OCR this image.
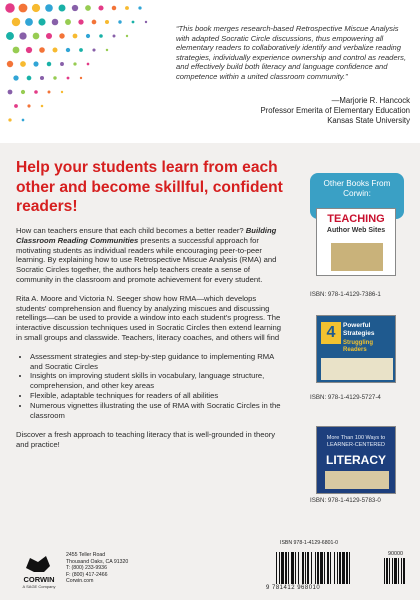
“This book merges research-based Retrospective Miscue Analysis with adapted Socratic Circle discussions, thus empowering all elementary readers to collaboratively identify and verbalize reading strategies, individually experience ownership and control as readers, and effectively build both literacy and language confidence and competence within a united classroom community.”
—Marjorie R. Hancock
Professor Emerita of Elementary Education
Kansas State University
Help your students learn from each other and become skillful, confident readers!

How can teachers ensure that each child becomes a better reader? Building Classroom Reading Communities presents a successful approach for motivating students as individual readers while encouraging peer-to-peer learning. By explaining how to use Retrospective Miscue Analysis (RMA) and Socratic Circles together, the authors help teachers create a sense of community in the classroom and promote achievement for every student.

Rita A. Moore and Victoria N. Seeger show how RMA—which develops students' comprehension and fluency by analyzing miscues and discussing retellings—can be used to provide a window into each student's progress. The interactive discussion techniques used in Socratic Circles then extend learning in small groups and classwide. Teachers, literacy coaches, and others will find

• Assessment strategies and step-by-step guidance to implementing RMA and Socratic Circles
• Insights on improving student skills in vocabulary, language structure, comprehension, and other key areas
• Flexible, adaptable techniques for readers of all abilities
• Numerous vignettes illustrating the use of RMA with Socratic Circles in the classroom

Discover a fresh approach to teaching literacy that is well-grounded in theory and practice!

Other Books From Corwin:
TEACHING
Author Web Sites
ISBN: 978-1-4129-7386-1
4	Powerful Strategies
Struggling Readers
ISBN: 978-1-4129-5727-4
More Than 100 Ways to LEARNER-CENTERED
LITERACY
ISBN: 978-1-4129-5783-0
CORWIN
A SAGE Company
2455 Teller Road
Thousand Oaks, CA 91320
T: (800) 233-9936
F: (800) 417-2466
Corwin.com
ISBN 978-1-4129-6801-0
9 781412 968010
90000
